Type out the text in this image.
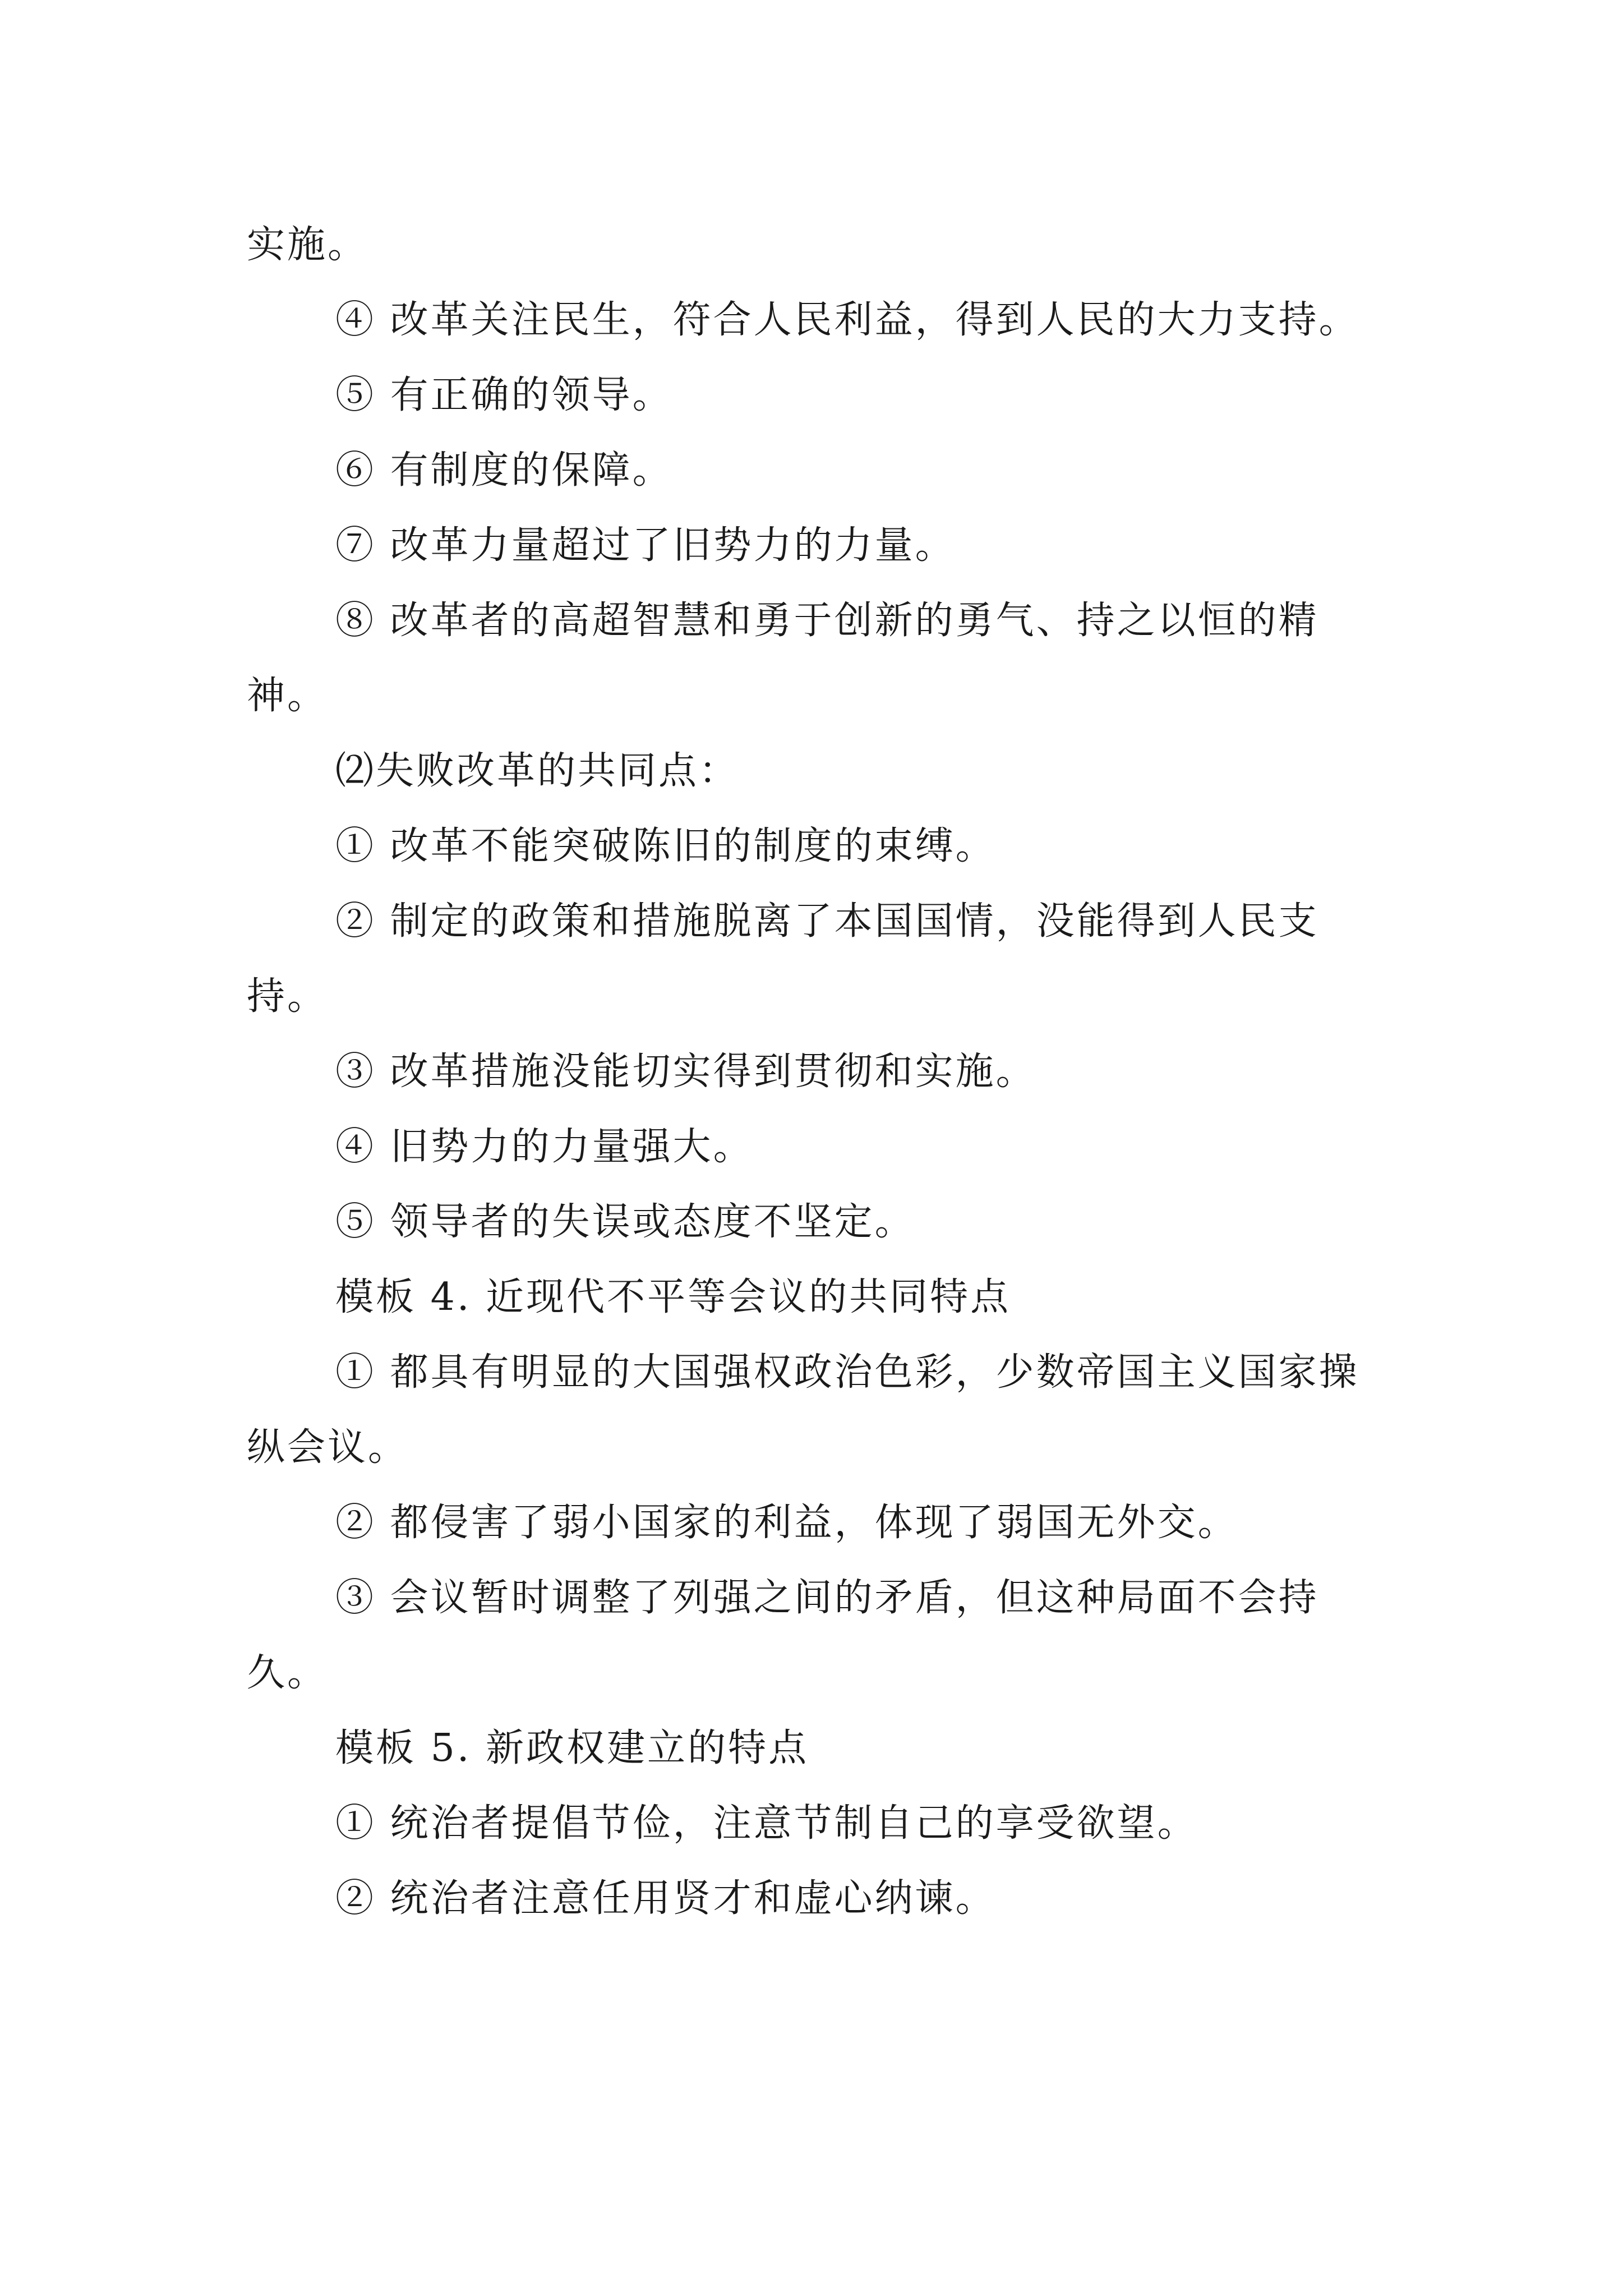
实施。

④ 改革关注民生，符合人民利益，得到人民的大力支持。

⑤ 有正确的领导。

⑥ 有制度的保障。

⑦ 改革力量超过了旧势力的力量。

⑧ 改革者的高超智慧和勇于创新的勇气、持之以恒的精神。

⑵失败改革的共同点：

① 改革不能突破陈旧的制度的束缚。

② 制定的政策和措施脱离了本国国情，没能得到人民支持。

③ 改革措施没能切实得到贯彻和实施。

④ 旧势力的力量强大。

⑤ 领导者的失误或态度不坚定。

模板 4. 近现代不平等会议的共同特点

① 都具有明显的大国强权政治色彩，少数帝国主义国家操纵会议。

② 都侵害了弱小国家的利益，体现了弱国无外交。

③ 会议暂时调整了列强之间的矛盾，但这种局面不会持久。

模板 5. 新政权建立的特点

① 统治者提倡节俭，注意节制自己的享受欲望。

② 统治者注意任用贤才和虚心纳谏。
